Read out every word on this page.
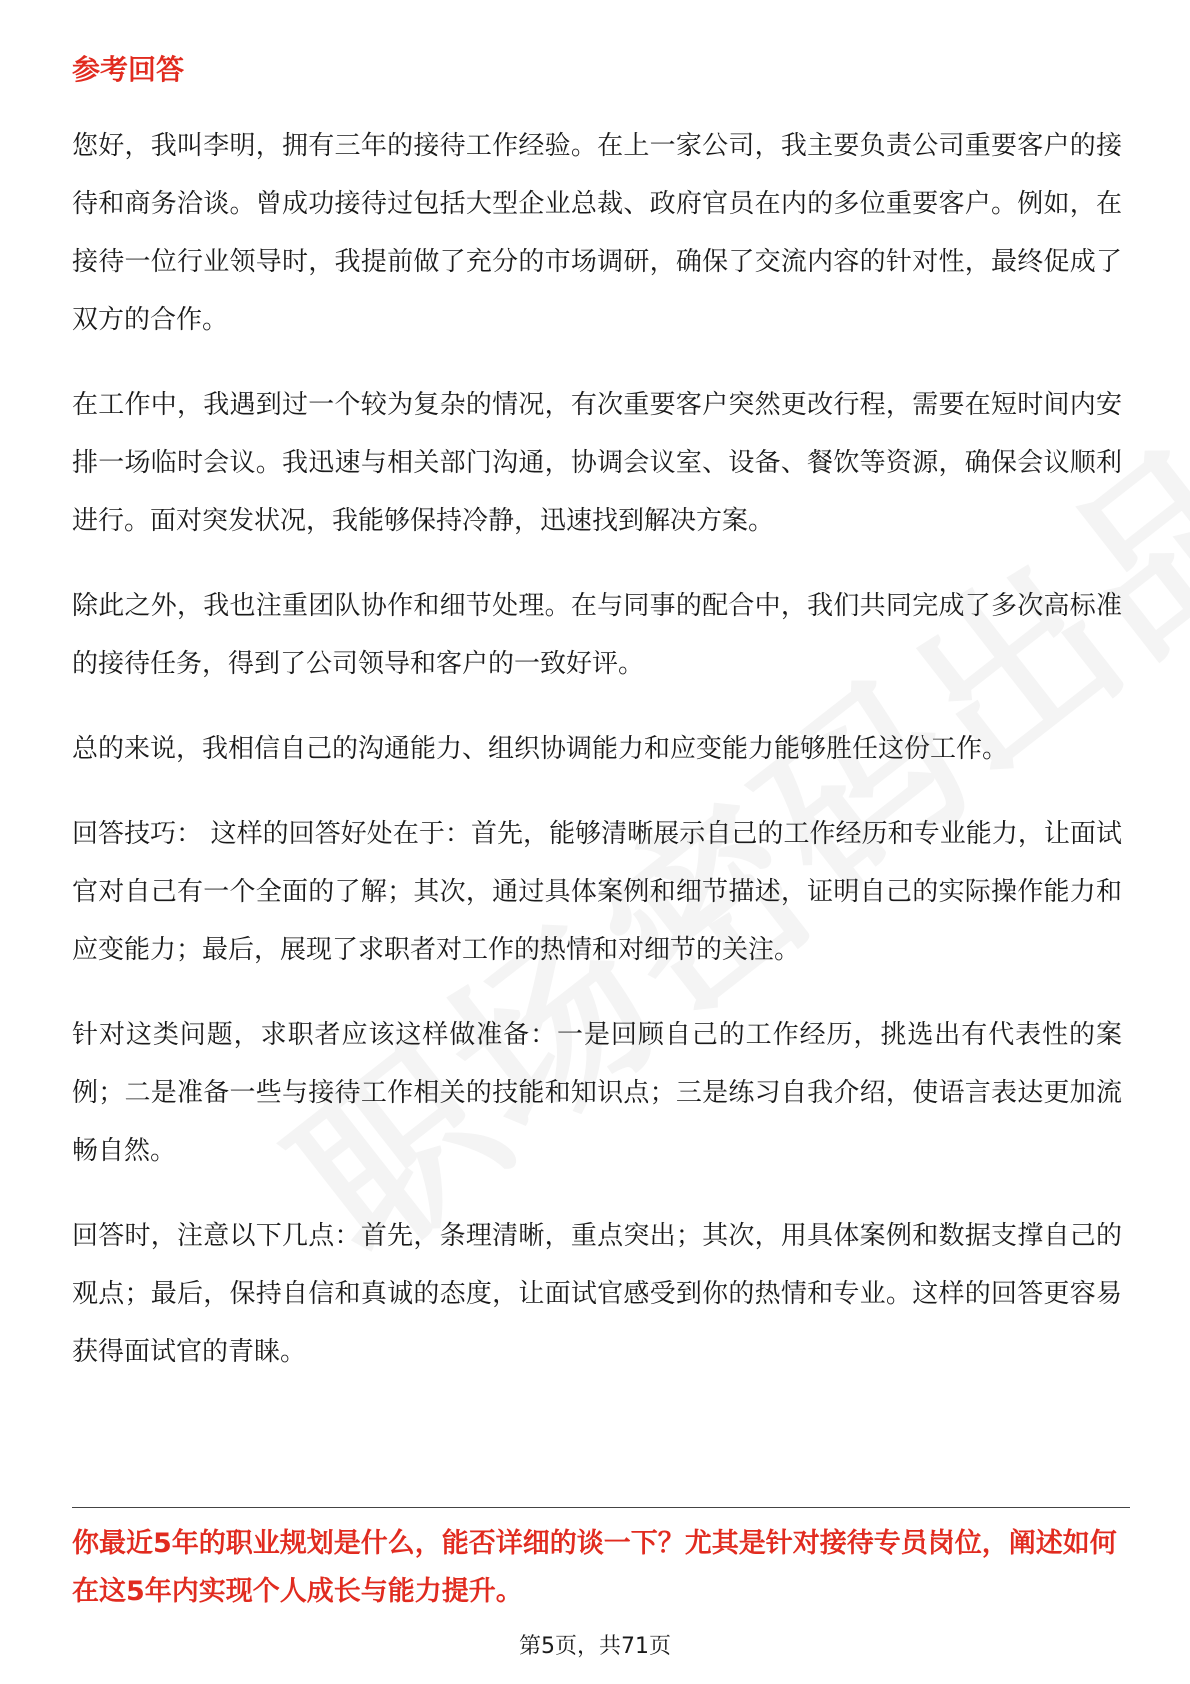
参考回答

您好，我叫李明，拥有三年的接待工作经验。在上一家公司，我主要负责公司重要客户的接待和商务洽谈。曾成功接待过包括大型企业总裁、政府官员在内的多位重要客户。例如，在接待一位行业领导时，我提前做了充分的市场调研，确保了交流内容的针对性，最终促成了双方的合作。

在工作中，我遇到过一个较为复杂的情况，有次重要客户突然更改行程，需要在短时间内安排一场临时会议。我迅速与相关部门沟通，协调会议室、设备、餐饮等资源，确保会议顺利进行。面对突发状况，我能够保持冷静，迅速找到解决方案。

除此之外，我也注重团队协作和细节处理。在与同事的配合中，我们共同完成了多次高标准的接待任务，得到了公司领导和客户的一致好评。

总的来说，我相信自己的沟通能力、组织协调能力和应变能力能够胜任这份工作。

回答技巧： 这样的回答好处在于：首先，能够清晰展示自己的工作经历和专业能力，让面试官对自己有一个全面的了解；其次，通过具体案例和细节描述，证明自己的实际操作能力和应变能力；最后，展现了求职者对工作的热情和对细节的关注。

针对这类问题，求职者应该这样做准备：一是回顾自己的工作经历，挑选出有代表性的案例；二是准备一些与接待工作相关的技能和知识点；三是练习自我介绍，使语言表达更加流畅自然。

回答时，注意以下几点：首先，条理清晰，重点突出；其次，用具体案例和数据支撑自己的观点；最后，保持自信和真诚的态度，让面试官感受到你的热情和专业。这样的回答更容易获得面试官的青睐。

你最近5年的职业规划是什么，能否详细的谈一下？尤其是针对接待专员岗位，阐述如何在这5年内实现个人成长与能力提升。

第5页，共71页
